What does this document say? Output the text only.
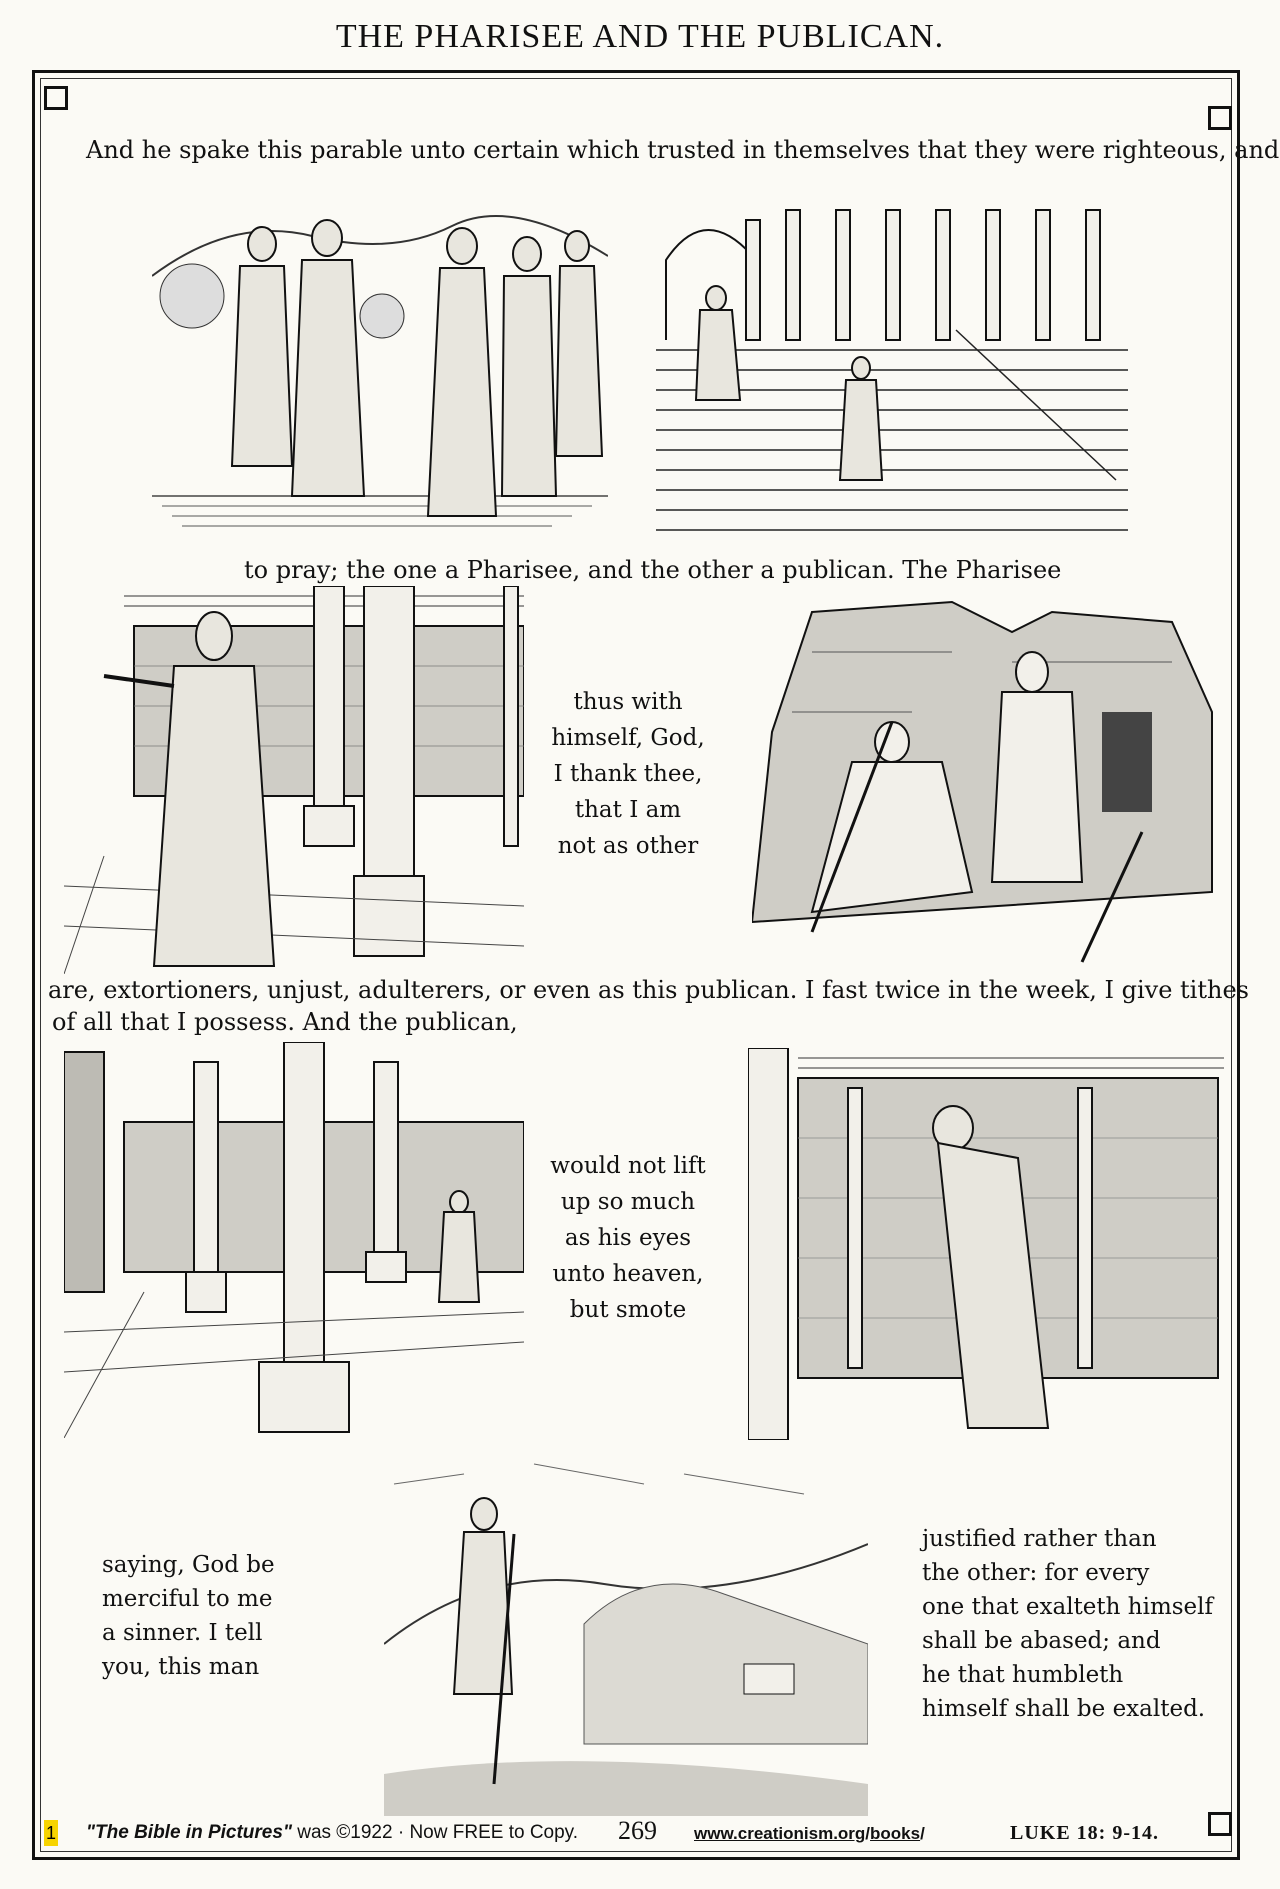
THE PHARISEE AND THE PUBLICAN.
And he spake this parable unto certain which trusted in themselves that they were righteous, and
to pray; the one a Pharisee, and the other a publican. The Pharisee
thus with
himself, God,
I thank thee,
that I am
not as other
are, extortioners, unjust, adulterers, or even as this publican. I fast twice in the week, I give tithes
of all that I possess. And the publican,
would not lift
up so much
as his eyes
unto heaven,
but smote
saying, God be
merciful to me
a sinner. I tell
you, this man
justified rather than
the other: for every
one that exalteth himself
shall be abased; and
he that humbleth
himself shall be exalted.
1 "The Bible in Pictures" was ©1922 · Now FREE to Copy. 269 www.creationism.org/books/	LUKE 18: 9-14.
